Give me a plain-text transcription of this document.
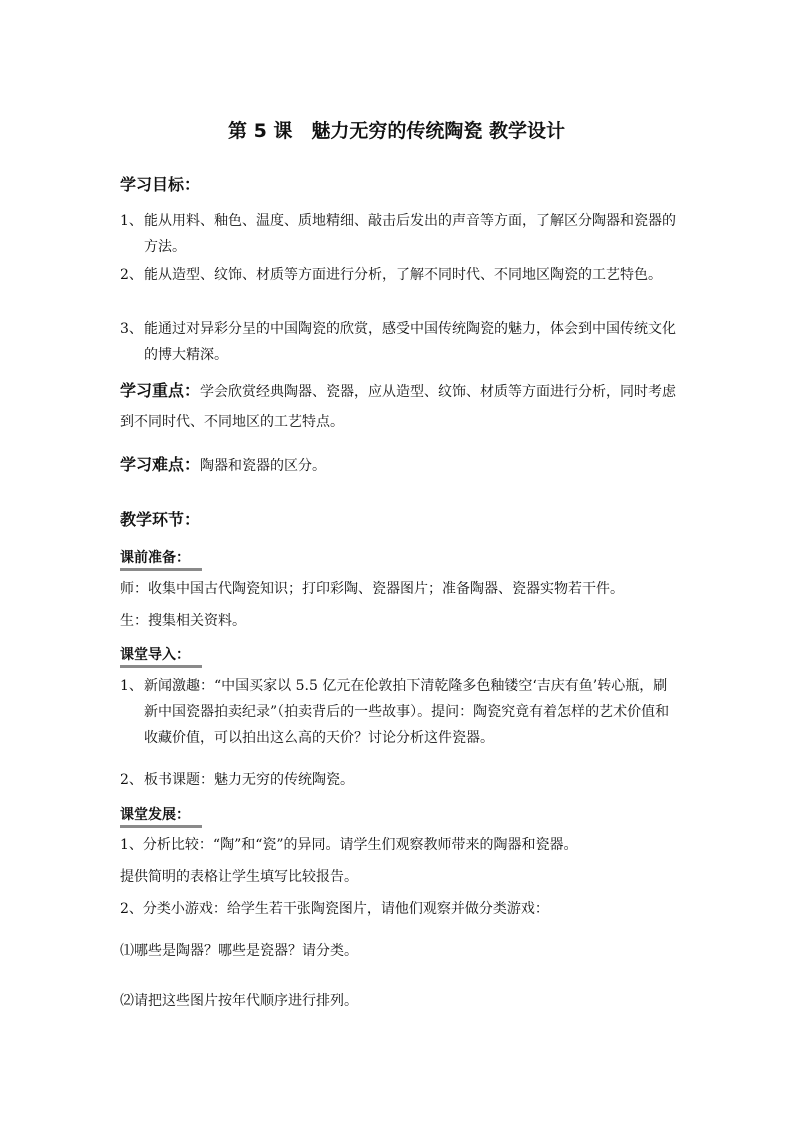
第 5 课　魅力无穷的传统陶瓷 教学设计
学习目标：
1、 能从用料、釉色、温度、质地精细、敲击后发出的声音等方面，了解区分陶器和瓷器的方法。
2、 能从造型、纹饰、材质等方面进行分析，了解不同时代、不同地区陶瓷的工艺特色。
3、 能通过对异彩分呈的中国陶瓷的欣赏，感受中国传统陶瓷的魅力，体会到中国传统文化的博大精深。
学习重点：学会欣赏经典陶器、瓷器，应从造型、纹饰、材质等方面进行分析，同时考虑到不同时代、不同地区的工艺特点。
学习难点：陶器和瓷器的区分。
教学环节：
课前准备：
师：收集中国古代陶瓷知识；打印彩陶、瓷器图片；准备陶器、瓷器实物若干件。
生：搜集相关资料。
课堂导入：
1、 新闻激趣：“中国买家以 5.5 亿元在伦敦拍下清乾隆多色釉镂空‘吉庆有鱼’转心瓶，刷新中国瓷器拍卖纪录”（拍卖背后的一些故事）。提问：陶瓷究竟有着怎样的艺术价值和收藏价值，可以拍出这么高的天价？讨论分析这件瓷器。
2、 板书课题：魅力无穷的传统陶瓷。
课堂发展：
1、分析比较：“陶”和“瓷”的异同。请学生们观察教师带来的陶器和瓷器。
提供简明的表格让学生填写比较报告。
2、分类小游戏：给学生若干张陶瓷图片，请他们观察并做分类游戏：
⑴哪些是陶器？哪些是瓷器？请分类。
⑵请把这些图片按年代顺序进行排列。
